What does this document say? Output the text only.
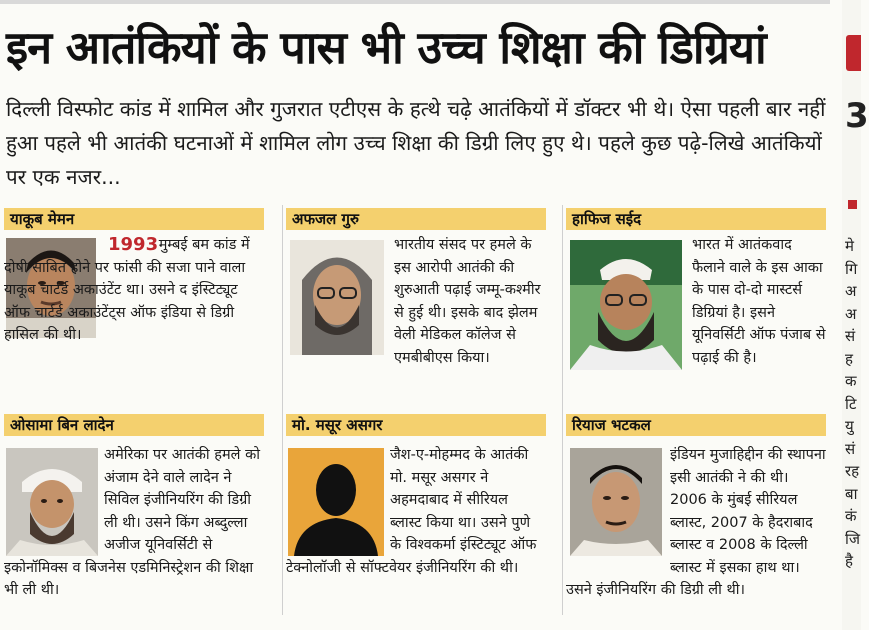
इन आतंकियों के पास भी उच्च शिक्षा की डिग्रियां
दिल्ली विस्फोट कांड में शामिल और गुजरात एटीएस के हत्थे चढ़े आतंकियों में डॉक्टर भी थे। ऐसा पहली बार नहीं हुआ पहले भी आतंकी घटनाओं में शामिल लोग उच्च शिक्षा की डिग्री लिए हुए थे। पहले कुछ पढ़े-लिखे आतंकियों पर एक नजर...
याकूब मेमन
1993 मुम्बई बम कांड में दोषी साबित होने पर फांसी की सजा पाने वाला याकूब चार्टर्ड अकाउंटेंट था। उसने द इंस्टिट्यूट ऑफ चार्टर्ड अकाउंटेंट्स ऑफ इंडिया से डिग्री हासिल की थी।
अफजल गुरु
भारतीय संसद पर हमले के इस आरोपी आतंकी की शुरुआती पढ़ाई जम्मू-कश्मीर से हुई थी। इसके बाद झेलम वेली मेडिकल कॉलेज से एमबीबीएस किया।
हाफिज सईद
भारत में आतंकवाद फैलाने वाले के इस आका के पास दो-दो मास्टर्स डिग्रियां है। इसने यूनिवर्सिटी ऑफ पंजाब से पढ़ाई की है।
ओसामा बिन लादेन
अमेरिका पर आतंकी हमले को अंजाम देने वाले लादेन ने सिविल इंजीनियरिंग की डिग्री ली थी। उसने किंग अब्दुल्ला अजीज यूनिवर्सिटी से इकोनॉमिक्स व बिजनेस एडमिनिस्ट्रेशन की शिक्षा भी ली थी।
मो. मसूर असगर
जैश-ए-मोहम्मद के आतंकी मो. मसूर असगर ने अहमदाबाद में सीरियल ब्लास्ट किया था। उसने पुणे के विश्वकर्मा इंस्टिट्यूट ऑफ टेक्नोलॉजी से सॉफ्टवेयर इंजीनियरिंग की थी।
रियाज भटकल
इंडियन मुजाहिद्दीन की स्थापना इसी आतंकी ने की थी। 2006 के मुंबई सीरियल ब्लास्ट, 2007 के हैदराबाद ब्लास्ट व 2008 के दिल्ली ब्लास्ट में इसका हाथ था। उसने इंजीनियरिंग की डिग्री ली थी।
3
मे
गि
अ
अ
सं
ह
क
टि
यु
सं
रह
बा
कं
जि
है
